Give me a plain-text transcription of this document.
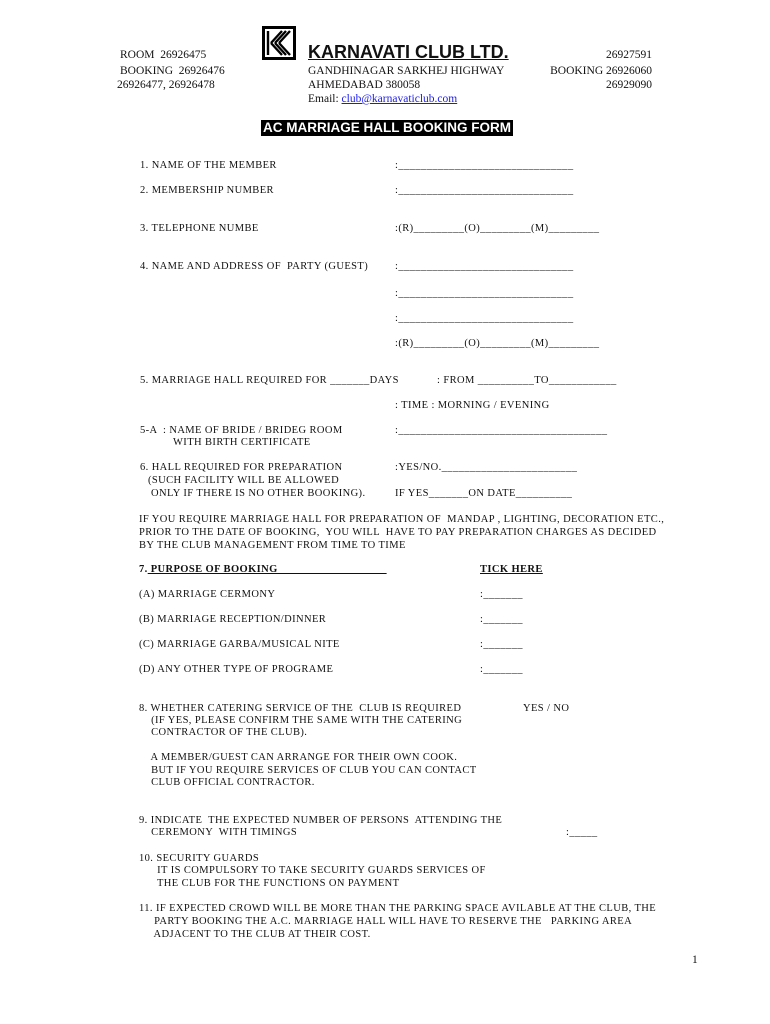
ROOM  26926475
BOOKING  26926476
26926477, 26926478
KARNAVATI CLUB LTD.
GANDHINAGAR SARKHEJ HIGHWAY
AHMEDABAD 380058
Email: club@karnavaticlub.com
26927591
BOOKING 26926060
26929090
AC MARRIAGE HALL BOOKING FORM
1. NAME OF THE MEMBER	:_______________________________
2. MEMBERSHIP NUMBER	:_______________________________
3. TELEPHONE NUMBE	:(R)_________(O)_________(M)_________
4. NAME AND ADDRESS OF  PARTY (GUEST)	:_______________________________
:_______________________________
:_______________________________
:(R)_________(O)_________(M)_________
5. MARRIAGE HALL REQUIRED FOR _______DAYS	: FROM __________TO____________
: TIME : MORNING / EVENING
5-A  : NAME OF BRIDE / BRIDEG ROOM
WITH BIRTH CERTIFICATE
:_____________________________________
6. HALL REQUIRED FOR PREPARATION
(SUCH FACILITY WILL BE ALLOWED
ONLY IF THERE IS NO OTHER BOOKING).
:YES/NO.________________________
IF YES_______ON DATE__________
IF YOU REQUIRE MARRIAGE HALL FOR PREPARATION OF  MANDAP , LIGHTING, DECORATION ETC.,
PRIOR TO THE DATE OF BOOKING,  YOU WILL  HAVE TO PAY PREPARATION CHARGES AS DECIDED
BY THE CLUB MANAGEMENT FROM TIME TO TIME
7. PURPOSE OF BOOKING	TICK HERE
(A) MARRIAGE CERMONY	:_______
(B) MARRIAGE RECEPTION/DINNER	:_______
(C) MARRIAGE GARBA/MUSICAL NITE	:_______
(D) ANY OTHER TYPE OF PROGRAME	:_______
8. WHETHER CATERING SERVICE OF THE  CLUB IS REQUIRED
(IF YES, PLEASE CONFIRM THE SAME WITH THE CATERING
CONTRACTOR OF THE CLUB).
YES / NO
A MEMBER/GUEST CAN ARRANGE FOR THEIR OWN COOK.
BUT IF YOU REQUIRE SERVICES OF CLUB YOU CAN CONTACT
CLUB OFFICIAL CONTRACTOR.
9. INDICATE  THE EXPECTED NUMBER OF PERSONS  ATTENDING THE
CEREMONY  WITH TIMINGS	:_____
10. SECURITY GUARDS
IT IS COMPULSORY TO TAKE SECURITY GUARDS SERVICES OF
THE CLUB FOR THE FUNCTIONS ON PAYMENT
11. IF EXPECTED CROWD WILL BE MORE THAN THE PARKING SPACE AVILABLE AT THE CLUB, THE
PARTY BOOKING THE A.C. MARRIAGE HALL WILL HAVE TO RESERVE THE   PARKING AREA
ADJACENT TO THE CLUB AT THEIR COST.
1
